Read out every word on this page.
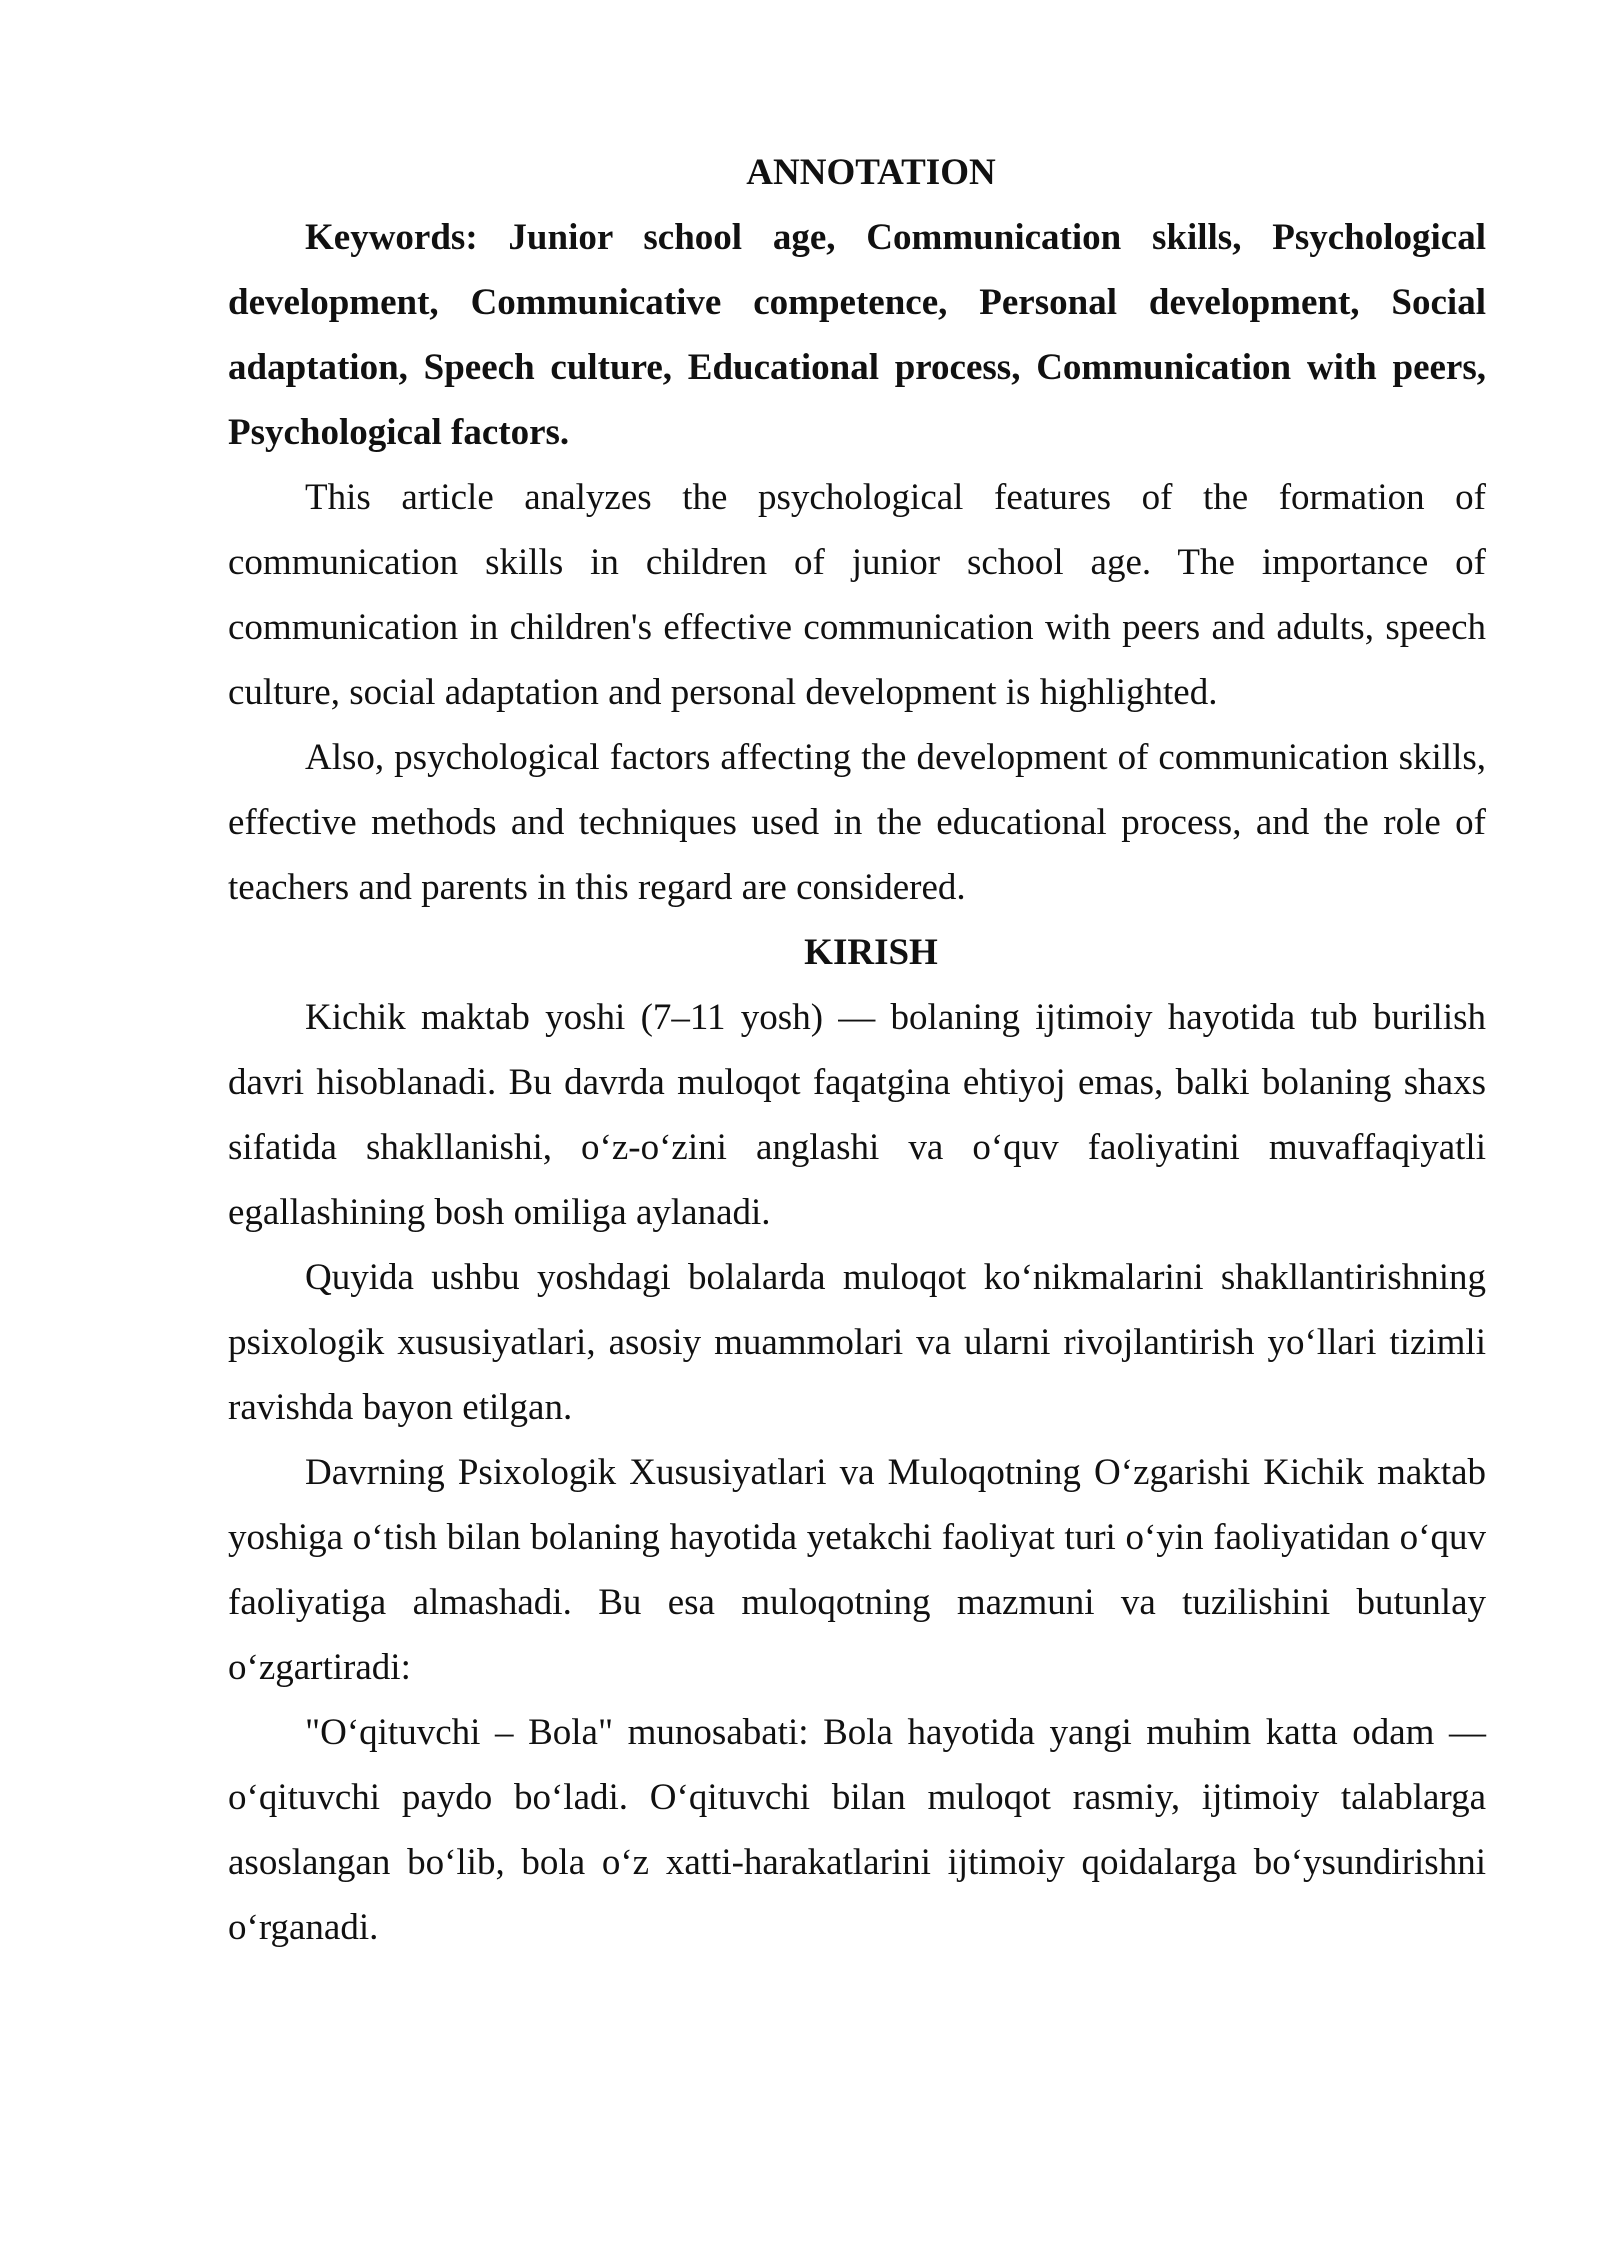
ANNOTATION

Keywords: Junior school age, Communication skills, Psychological development, Communicative competence, Personal development, Social adaptation, Speech culture, Educational process, Communication with peers, Psychological factors.

This article analyzes the psychological features of the formation of communication skills in children of junior school age. The importance of communication in children's effective communication with peers and adults, speech culture, social adaptation and personal development is highlighted.

Also, psychological factors affecting the development of communication skills, effective methods and techniques used in the educational process, and the role of teachers and parents in this regard are considered.

KIRISH

Kichik maktab yoshi (7–11 yosh) — bolaning ijtimoiy hayotida tub burilish davri hisoblanadi. Bu davrda muloqot faqatgina ehtiyoj emas, balki bolaning shaxs sifatida shakllanishi, o‘z-o‘zini anglashi va o‘quv faoliyatini muvaffaqiyatli egallashining bosh omiliga aylanadi.

Quyida ushbu yoshdagi bolalarda muloqot ko‘nikmalarini shakllantirishning psixologik xususiyatlari, asosiy muammolari va ularni rivojlantirish yo‘llari tizimli ravishda bayon etilgan.

Davrning Psixologik Xususiyatlari va Muloqotning O‘zgarishi Kichik maktab yoshiga o‘tish bilan bolaning hayotida yetakchi faoliyat turi o‘yin faoliyatidan o‘quv faoliyatiga almashadi. Bu esa muloqotning mazmuni va tuzilishini butunlay o‘zgartiradi:

"O‘qituvchi – Bola" munosabati: Bola hayotida yangi muhim katta odam — o‘qituvchi paydo bo‘ladi. O‘qituvchi bilan muloqot rasmiy, ijtimoiy talablarga asoslangan bo‘lib, bola o‘z xatti-harakatlarini ijtimoiy qoidalarga bo‘ysundirishni o‘rganadi.
